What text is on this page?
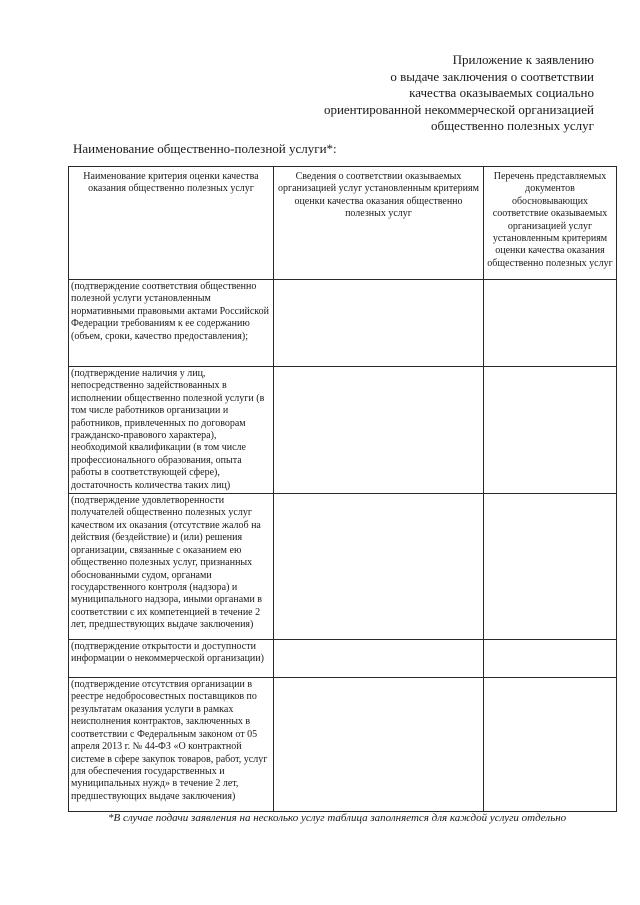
Приложение к заявлению
о выдаче заключения о соответствии
качества оказываемых социально
ориентированной некоммерческой организацией
общественно полезных услуг
Наименование общественно-полезной услуги*:
Наименование критерия оценки качества оказания общественно полезных услуг	Сведения о соответствии оказываемых организацией услуг установленным критериям оценки качества оказания общественно полезных услуг	Перечень представляемых документов обосновывающих соответствие оказываемых организацией услуг установленным критериям оценки качества оказания общественно полезных услуг
(подтверждение соответствия общественно полезной услуги установленным нормативными правовыми актами Российской Федерации требованиям к ее содержанию (объем, сроки, качество предоставления);		
(подтверждение наличия у лиц, непосредственно задействованных в исполнении общественно полезной услуги (в том числе работников организации и работников, привлеченных по договорам гражданско-правового характера), необходимой квалификации (в том числе профессионального образования, опыта работы в соответствующей сфере), достаточность количества таких лиц)		
(подтверждение удовлетворенности получателей общественно полезных услуг качеством их оказания (отсутствие жалоб на действия (бездействие) и (или) решения организации, связанные с оказанием ею общественно полезных услуг, признанных обоснованными судом, органами государственного контроля (надзора) и муниципального надзора, иными органами в соответствии с их компетенцией в течение 2 лет, предшествующих выдаче заключения)		
(подтверждение открытости и доступности информации о некоммерческой организации)		
(подтверждение отсутствия организации в реестре недобросовестных поставщиков по результатам оказания услуги в рамках неисполнения контрактов, заключенных в соответствии с Федеральным законом от 05 апреля 2013 г. № 44-ФЗ «О контрактной системе в сфере закупок товаров, работ, услуг для обеспечения государственных и муниципальных нужд» в течение 2 лет, предшествующих выдаче заключения)		
*В случае подачи заявления на несколько услуг таблица заполняется для каждой услуги отдельно
